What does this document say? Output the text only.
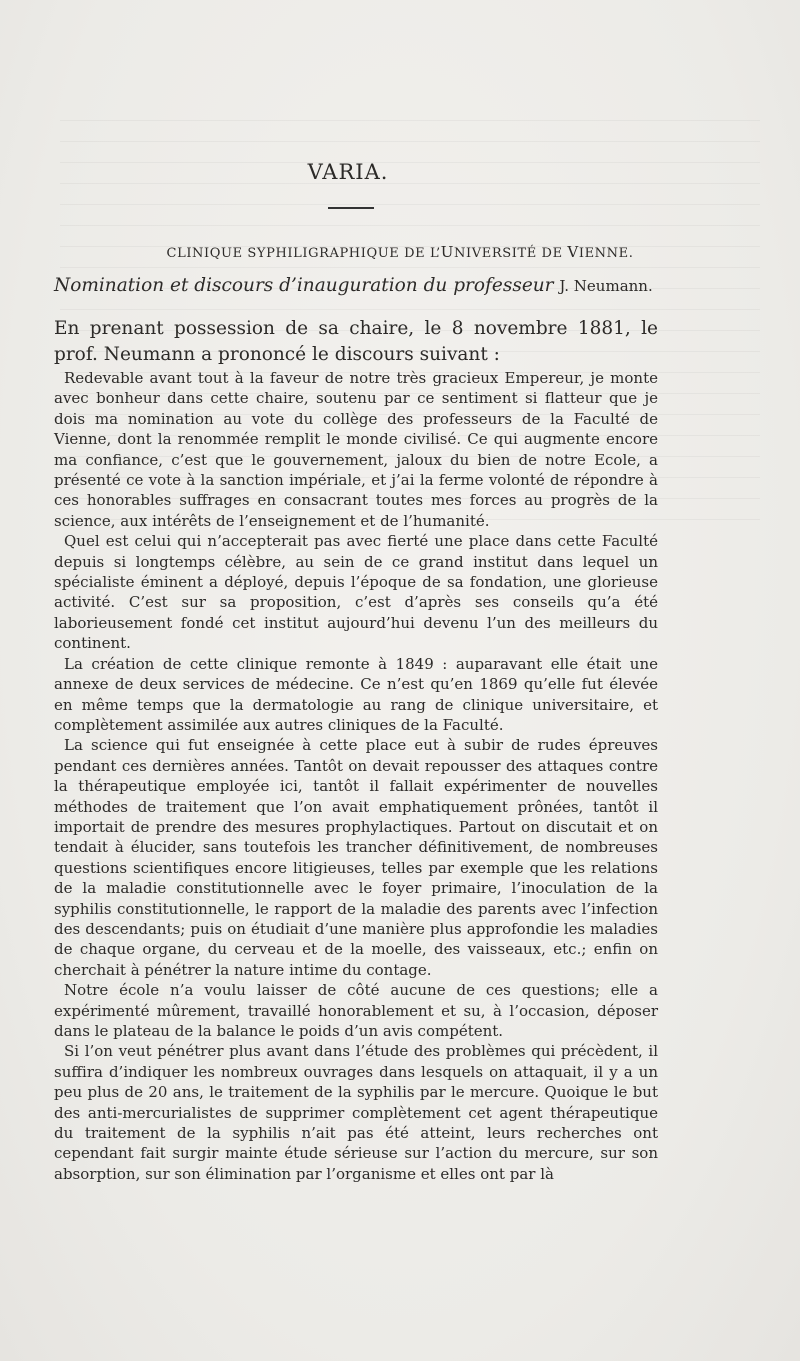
VARIA.
CLINIQUE SYPHILIGRAPHIQUE DE L’UNIVERSITÉ DE VIENNE.
Nomination et discours d’inauguration du professeur J. Neumann.
En prenant possession de sa chaire, le 8 novembre 1881, le prof. Neumann a prononcé le discours suivant :

Redevable avant tout à la faveur de notre très gracieux Empereur, je monte avec bonheur dans cette chaire, soutenu par ce sentiment si flatteur que je dois ma nomination au vote du collège des professeurs de la Faculté de Vienne, dont la renommée remplit le monde civilisé. Ce qui augmente encore ma confiance, c’est que le gouvernement, jaloux du bien de notre Ecole, a présenté ce vote à la sanction impériale, et j’ai la ferme volonté de répondre à ces honorables suffrages en consacrant toutes mes forces au progrès de la science, aux intérêts de l’enseignement et de l’humanité.

Quel est celui qui n’accepterait pas avec fierté une place dans cette Faculté depuis si longtemps célèbre, au sein de ce grand institut dans lequel un spécialiste éminent a déployé, depuis l’époque de sa fondation, une glorieuse activité. C’est sur sa proposition, c’est d’après ses conseils qu’a été laborieusement fondé cet institut aujourd’hui devenu l’un des meilleurs du continent.

La création de cette clinique remonte à 1849 : auparavant elle était une annexe de deux services de médecine. Ce n’est qu’en 1869 qu’elle fut élevée en même temps que la dermatologie au rang de clinique universitaire, et complètement assimilée aux autres cliniques de la Faculté.

La science qui fut enseignée à cette place eut à subir de rudes épreuves pendant ces dernières années. Tantôt on devait repousser des attaques contre la thérapeutique employée ici, tantôt il fallait expérimenter de nouvelles méthodes de traitement que l’on avait emphatiquement prônées, tantôt il importait de prendre des mesures prophylactiques. Partout on discutait et on tendait à élucider, sans toutefois les trancher définitivement, de nombreuses questions scientifiques encore litigieuses, telles par exemple que les relations de la maladie constitutionnelle avec le foyer primaire, l’inoculation de la syphilis constitutionnelle, le rapport de la maladie des parents avec l’infection des descendants; puis on étudiait d’une manière plus approfondie les maladies de chaque organe, du cerveau et de la moelle, des vaisseaux, etc.; enfin on cherchait à pénétrer la nature intime du contage.

Notre école n’a voulu laisser de côté aucune de ces questions; elle a expérimenté mûrement, travaillé honorablement et su, à l’occasion, déposer dans le plateau de la balance le poids d’un avis compétent.

Si l’on veut pénétrer plus avant dans l’étude des problèmes qui précèdent, il suffira d’indiquer les nombreux ouvrages dans lesquels on attaquait, il y a un peu plus de 20 ans, le traitement de la syphilis par le mercure. Quoique le but des anti-mercurialistes de supprimer complètement cet agent thérapeutique du traitement de la syphilis n’ait pas été atteint, leurs recherches ont cependant fait surgir mainte étude sérieuse sur l’action du mercure, sur son absorption, sur son élimination par l’organisme et elles ont par là
